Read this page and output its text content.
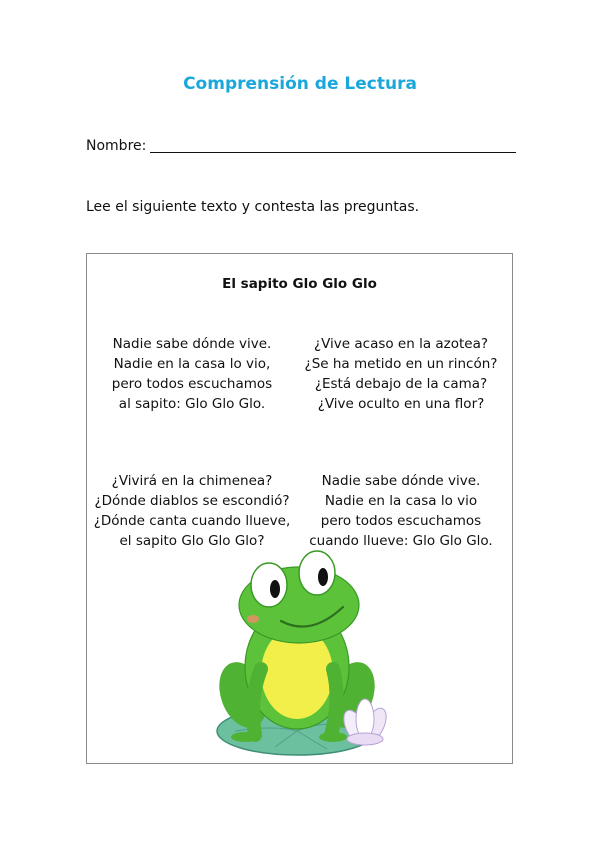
Comprensión de Lectura
Nombre:
Lee el siguiente texto y contesta las preguntas.
El sapito Glo Glo Glo
Nadie sabe dónde vive.
Nadie en la casa lo vio,
pero todos escuchamos
al sapito: Glo Glo Glo.
¿Vive acaso en la azotea?
¿Se ha metido en un rincón?
¿Está debajo de la cama?
¿Vive oculto en una flor?
¿Vivirá en la chimenea?
¿Dónde diablos se escondió?
¿Dónde canta cuando llueve,
el sapito Glo Glo Glo?
Nadie sabe dónde vive.
Nadie en la casa lo vio
pero todos escuchamos
cuando llueve: Glo Glo Glo.
